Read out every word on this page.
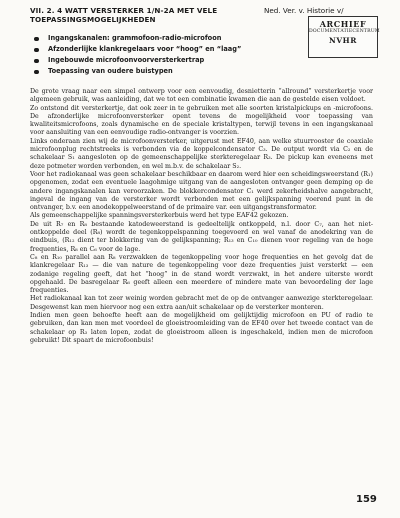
VII. 2. 4 WATT VERSTERKER 1/N-2A MET VELE
TOEPASSINGSMOGELIJKHEDEN
Ned. Ver. v. Historie v/
ARCHIEF
DOCUMENTATIECENTRUM
NVHR
Ingangskanalen: grammofoon-radio-microfoon
Afzonderlijke klankregelaars voor “hoog” en “laag”
Ingebouwde microfoonvoorversterkertrap
Toepassing van oudere buistypen

De grote vraag naar een simpel ontwerp voor een eenvoudig, desnietterin “allround” versterkertje voor algemeen gebruik, was aanleiding, dat we tot een combinatie kwamen die aan de gestelde eisen voldoet.

Zo ontstond dit versterkertje, dat ook zeer in te gebruiken met alle soorten kristalpickups en -microfoons. De afzonderlijke microfoonversterker opent tevens de mogelijkheid voor toepassing van kwaliteitsmicrofoons, zoals dynamische en de speciale kristaltypen, terwijl tevens in een ingangskanaal voor aansluiting van een eenvoudige radio-ontvanger is voorzien.

Links onderaan zien wij de microfoonversterker, uitgerust met EF40, aan welke stuurrooster de coaxiale microfoonplug rechtstreeks is verbonden via de koppelcondensator C₃. De output wordt via C₂ en de schakelaar S₁ aangesloten op de gemeenschappelijke sterkteregelaar R₃. De pickup kan eveneens met deze potmeter worden verbonden, en wel m.b.v. de schakelaar S₂.

Voor het radiokanaal was geen schakelaar beschikbaar en daarom werd hier een scheidingsweerstand (R₁) opgenomen, zodat een eventuele laagohmige uitgang van de aangesloten ontvanger geen demping op de andere ingangskanalen kan veroorzaken. De blokkercondensator C₁ werd zekerheidshalve aangebracht, ingeval de ingang van de versterker wordt verbonden met een gelijkspanning voerend punt in de ontvanger, b.v. een anodekoppelweerstand of de primaire var. een uitgangstransformator.

Als gemeenschappelijke spanningsversterkerbuis werd het type EAF42 gekozen.

De uit R₇ en R₈ bestaande katodeweerstand is gedeeltelijk ontkoppeld, n.l. door C₇, aan het niet-ontkoppelde deel (R₈) wordt de tegenkoppelspanning toegevoerd en wel vanaf de anodekring van de eindbuis, (R₁₂ dient ter blokkering van de gelijkspanning; R₁₃ en C₁₀ dienen voor regeling van de hoge frequenties, R₈ en C₆ voor de lage.

C₈ en R₁₀ parallel aan R₈ verzwakken de tegenkoppeling voor hoge frequenties en het gevolg dat de klankregelaar R₁₃ — die van nature de tegenkoppeling voor deze frequenties juist versterkt — een zodanige regeling geeft, dat het “hoog” in de stand wordt verzwakt, in het andere uiterste wordt opgehaald. De basregelaar R₆ geeft alleen een meerdere of mindere mate van bevoordeling der lage frequenties.

Het radiokanaal kan tot zeer weinig worden gebracht met de op de ontvanger aanwezige sterkteregelaar. Desgewenst kan men hiervoor nog een extra aan/uit schakelaar op de versterker monteren.

Indien men geen behoefte heeft aan de mogelijkheid om gelijktijdig microfoon en PU of radio te gebruiken, dan kan men met voordeel de gloeistroomleiding van de EF40 over het tweede contact van de schakelaar op R₃ laten lopen, zodat de gloeistroom alleen is ingeschakeld, indien men de microfoon gebruikt! Dit spaart de microfoonbuis!

159
